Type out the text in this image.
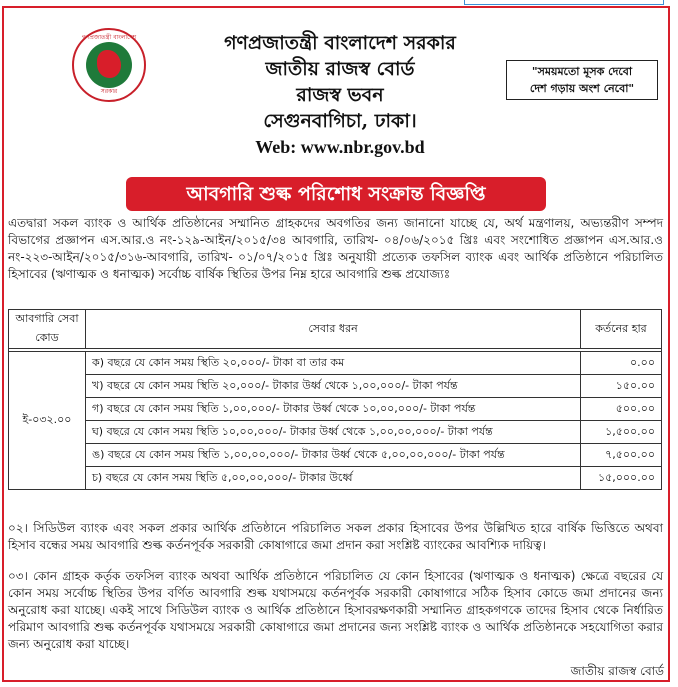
গণপ্রজাতন্ত্রী বাংলাদেশ
সরকার
গণপ্রজাতন্ত্রী বাংলাদেশ সরকার
জাতীয় রাজস্ব বোর্ড
রাজস্ব ভবন
সেগুনবাগিচা, ঢাকা।
Web: www.nbr.gov.bd
"সময়মতো মূসক দেবো
দেশ গড়ায় অংশ নেবো"
আবগারি শুল্ক পরিশোধ সংক্রান্ত বিজ্ঞপ্তি
এতদ্বারা সকল ব্যাংক ও আর্থিক প্রতিষ্ঠানের সম্মানিত গ্রাহকদের অবগতির জন্য জানানো যাচ্ছে যে, অর্থ মন্ত্রণালয়, অভ্যন্তরীণ সম্পদ বিভাগের প্রজ্ঞাপন এস.আর.ও নং-১২৯-আইন/২০১৫/৩৪ আবগারি, তারিখ- ০৪/০৬/২০১৫ খ্রিঃ এবং সংশোধিত প্রজ্ঞাপন এস.আর.ও নং-২২৩-আইন/২০১৫/৩১৬-আবগারি, তারিখ- ০১/০৭/২০১৫ খ্রিঃ অনুযায়ী প্রত্যেক তফসিল ব্যাংক এবং আর্থিক প্রতিষ্ঠানে পরিচালিত হিসাবের (ঋণাত্মক ও ধনাত্মক) সর্বোচ্চ বার্ষিক স্থিতির উপর নিম্ন হারে আবগারি শুল্ক প্রযোজ্যঃ
আবগারি সেবা কোড	সেবার ধরন	কর্তনের হার

ই-০৩২.০০	ক) বছরে যে কোন সময় স্থিতি ২০,০০০/- টাকা বা তার কম	০.০০
	খ) বছরে যে কোন সময় স্থিতি ২০,০০০/- টাকার উর্ধ্ব থেকে ১,০০,০০০/- টাকা পর্যন্ত	১৫০.০০
	গ) বছরে যে কোন সময় স্থিতি ১,০০,০০০/- টাকার উর্ধ্ব থেকে ১০,০০,০০০/- টাকা পর্যন্ত	৫০০.০০
	ঘ) বছরে যে কোন সময় স্থিতি ১০,০০,০০০/- টাকার উর্ধ্ব থেকে ১,০০,০০,০০০/- টাকা পর্যন্ত	১,৫০০.০০
	ঙ) বছরে যে কোন সময় স্থিতি ১,০০,০০,০০০/- টাকার উর্ধ্ব থেকে ৫,০০,০০,০০০/- টাকা পর্যন্ত	৭,৫০০.০০
	চ) বছরে যে কোন সময় স্থিতি ৫,০০,০০,০০০/- টাকার উর্ধ্বে	১৫,০০০.০০
০২। সিডিউল ব্যাংক এবং সকল প্রকার আর্থিক প্রতিষ্ঠানে পরিচালিত সকল প্রকার হিসাবের উপর উল্লিখিত হারে বার্ষিক ভিত্তিতে অথবা হিসাব বন্ধের সময় আবগারি শুল্ক কর্তনপূর্বক সরকারী কোষাগারে জমা প্রদান করা সংশ্লিষ্ট ব্যাংকের আবশ্যিক দায়িত্ব।
০৩। কোন গ্রাহক কর্তৃক তফসিল ব্যাংক অথবা আর্থিক প্রতিষ্ঠানে পরিচালিত যে কোন হিসাবের (ঋণাত্মক ও ধনাত্মক) ক্ষেত্রে বছরের যে কোন সময় সর্বোচ্চ স্থিতির উপর বর্ণিত আবগারি শুল্ক যথাসময়ে কর্তনপূর্বক সরকারী কোষাগারে সঠিক হিসাব কোডে জমা প্রদানের জন্য অনুরোধ করা যাচ্ছে। একই সাথে সিডিউল ব্যাংক ও আর্থিক প্রতিষ্ঠানে হিসাবরক্ষণকারী সম্মানিত গ্রাহকগণকে তাদের হিসাব থেকে নির্ধারিত পরিমাণ আবগারি শুল্ক কর্তনপূর্বক যথাসময়ে সরকারী কোষাগারে জমা প্রদানের জন্য সংশ্লিষ্ট ব্যাংক ও আর্থিক প্রতিষ্ঠানকে সহযোগিতা করার জন্য অনুরোধ করা যাচ্ছে।
জাতীয় রাজস্ব বোর্ড
